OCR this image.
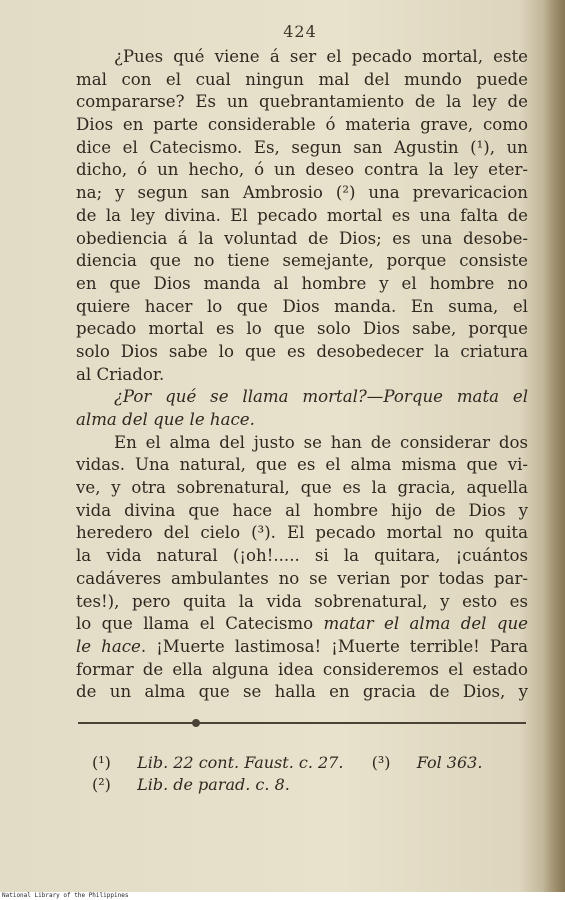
424
¿Pues qué viene á ser el pecado mortal, este
mal con el cual ningun mal del mundo puede
compararse? Es un quebrantamiento de la ley de
Dios en parte considerable ó materia grave, como
dice el Catecismo. Es, segun san Agustin (¹), un
dicho, ó un hecho, ó un deseo contra la ley eter-
na; y segun san Ambrosio (²) una prevaricacion
de la ley divina. El pecado mortal es una falta de
obediencia á la voluntad de Dios; es una desobe-
diencia que no tiene semejante, porque consiste
en que Dios manda al hombre y el hombre no
quiere hacer lo que Dios manda. En suma, el
pecado mortal es lo que solo Dios sabe, porque
solo Dios sabe lo que es desobedecer la criatura
al Criador.
¿Por qué se llama mortal?—Porque mata el
alma del que le hace.
En el alma del justo se han de considerar dos
vidas. Una natural, que es el alma misma que vi-
ve, y otra sobrenatural, que es la gracia, aquella
vida divina que hace al hombre hijo de Dios y
heredero del cielo (³). El pecado mortal no quita
la vida natural (¡oh!..... si la quitara, ¡cuántos
cadáveres ambulantes no se verian por todas par-
tes!), pero quita la vida sobrenatural, y esto es
lo que llama el Catecismo matar el alma del que
le hace. ¡Muerte lastimosa! ¡Muerte terrible! Para
formar de ella alguna idea consideremos el estado
de un alma que se halla en gracia de Dios, y
(¹) Lib. 22 cont. Faust. c. 27. (³) Fol 363.
(²) Lib. de parad. c. 8.
National Library of the Philippines
